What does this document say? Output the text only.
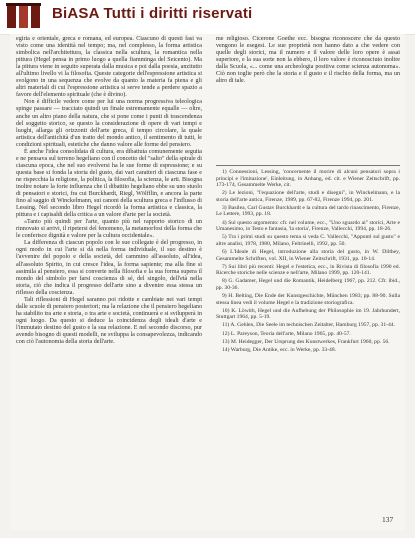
BiASA Tutti i diritti riservati

egiria e orientale, greca e romana, ed europea. Ciascuno di questi fasi va visto come una identità nel tempo; ma, nel complesso, la forma artistica simbolica nell'architettura, la classica nella scultura, la romantica nella pittura (Hegel pensa in primo luogo a quella fiamminga del Seicento). Ma la pittura viene in seguito superata dalla musica e poi dalla poesia, anzitutto all'ultimo livello vi la filosofia. Queste categorie dell'espressione artistica si svolgono in una sequenza che evolve da quanto la materia fa piena e gli altri materiali di cui l'espressione artistica si serve tende a perdere spazio a favore dell'elemento spirituale (che è divino).

Non è difficile vedere come per lui una norma progressiva teleologica spinge passare — tracciato quindi un finale estremamente equalle — oltre, anche un altro piano della natura, che si pone come i punti di trascendenza del soggetto storico, se questo la considerazione di opere di vari tempi e luoghi, allarga gli orizzonti dell'arte greca, il tempo circolare, la quale artistica dell'antichità d'un tratto del mondo antico, il sentimento di tutti, le condizioni spirituali, estetiche che danno valore alle forme del pensiero.

È anche l'idea consolidata di cultura, era dibattuta comunemente seguita e ne pensava sul terreno hegeliano con il concetto del "salto" della spirale di ciascuna epoca, che nel suo evolversi ha le sue forme di espressione; e su questa base si fonda la storia del gusto, dai vari caratteri di ciascuna fase e ne rispecchia la religione, la politica, la filosofia, la scienza, le arti. Bisogna inoltre notare la forte influenza che il dibattito hegeliano ebbe su uno stuolo di pensatori e storici, fra cui Burckhardt, Riegl, Wölfflin, e ancora la parte fino al saggio di Winckelmann, sui canoni della scultura greca e l'influsso di Lessing. Nel secondo libro Hegel ricordò la forma artistica e classica, la pittura e i capisaldi della critica a un valore d'arte per la società.

«Tanto più quindi per l'arte, quanto più nel rapporto storico di un rinnovato si arrivi, il ripetersi del fenomeno, la metamorfosi della forma che le conferisce dignità e valore per la cultura occidentale».

La differenza di ciascun popolo con le sue collegate è del progresso, in ogni modo in cui l'arte si dà nella forma individuale, il suo destino è l'avvenire del popolo e della società, del cammino all'assoluto, all'idea, all'assoluto Spirito, in cui cresce l'idea, la forma sapiente; ma alla fine si assimila al pensiero, essa si converte nella filosofia e la sua forma supera il mondo del simbolo per farsi coscienza di sé, del singolo, dell'età nella storia, ciò che indica il progresso dell'arte sino a divenire essa stessa un riflesso della coscienza.

Tali riflessioni di Hegel saranno poi ridotte e cambiate nei vari tempi dalle scuole di pensiero posteriori; ma la relazione che il pensiero hegeliano ha stabilito tra arte e storia, o tra arte e società, continuerà e si svilupperà in ogni luogo. Da questo si deduce la coincidenza degli ideali d'arte e l'immutato destino del gusto e la sua relazione. E nel secondo discorso, pur avendo bisogno di questi modelli, ne sviluppa la consapevolezza, indicando con ciò l'autonomia della storia dell'arte.

me religioso. Cicerone Goethe ecc. bisogna riconoscere che da questo vengono le esegesi. Le sue proprietà non hanno dato a che vedere con quelle degli storici, ma il numero e il valore delle loro opere è assai superiore, e la sua sorte non la ebbero, il loro valore è riconosciuto inoltre dalla Scuola, «... come una archeologia positiva come scienza autonoma». Ciò non toglie però che la storia e il gusto e il rischio della forma, ma un altro di tale.

1) Connessioni, Lessing, 'concernente il morire di alcuni pensatori sopra i principi e l'imitazione', Einleitung, in Anhang, ed. cit. e Wiener Zeitschrift, pp. 173-174, Gesammelte Werke, cit.

2) Le lezioni, "l'equazione dell'arte, studi e disegni", in Winckelmann, e la storia dell'arte antica, Firenze, 1989, pp. 67-82, Firenze 1994, pp. 201.

3) Basilea, Carl Gustav Burckhardt e la cultura del tardo rinascimento, Firenze, Le Lettere, 1993, pp. 18.

4) Sul questo argomento: cfr. nel volume, ecc., "Uno sguardo ai" storici, Arte e Umanesimo, in Testo e fantasia, 'la storia', Firenze, Vallecchi, 1994, pp. 18-26.

5) Tra i primi studi su questo tema si veda C. Vallecchi, "Appunti sul gusto" e altre analisi, 1978, 1980, Milano, Feltrinelli, 1992, pp. 50.

6) L'Ideale di Hegel, introduzione alla storia del gusto, in W. Dilthey, Gesammelte Schriften, vol. XII, in Wiener Zeitschrift, 1931, pp. 10-14.

7) Sui libri più recenti: Hegel e l'estetica, ecc., in Rivista di filosofia 1990 ed. Ricerche storiche nelle scienze e nell'arte, Milano 1999, pp. 120-141.

8) G. Gadamer, Hegel und die Romantik, Heidelberg 1967, pp. 212. Cfr. ibid., pp. 30-36.

9) H. Belting, Die Ende der Kunstgeschichte, München 1983; pp. 88-90. Sulla stessa linea vedi il volume Hegel e la tradizione storiografica.

10) K. Löwith, Hegel und die Aufhebung der Philosophie im 19. Jahrhundert, Stuttgart 1964, pp. 5-19.

11) A. Gehlen, Die Seele im technischen Zeitalter, Hamburg 1957, pp. 31-44.

12) L. Pareyson, Teoria dell'arte, Milano 1965, pp. 40-57.

13) M. Heidegger, Der Ursprung des Kunstwerkes, Frankfurt 1960, pp. 56.

14) Warburg, Die Antike, ecc. in Werke, pp. 33-48.

137
